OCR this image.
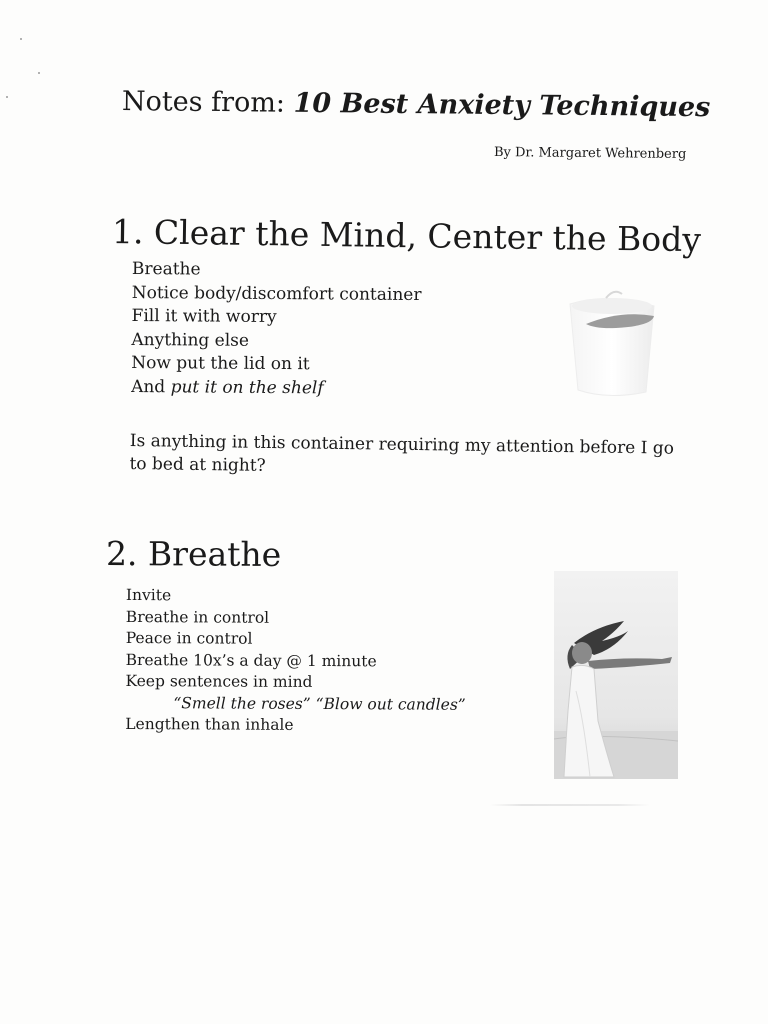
Notes from: 10 Best Anxiety Techniques
By Dr. Margaret Wehrenberg
1. Clear the Mind, Center the Body
Breathe
Notice body/discomfort container
Fill it with worry
Anything else
Now put the lid on it
And put it on the shelf
Is anything in this container requiring my attention before I go to bed at night?
2. Breathe
Invite
Breathe in control
Peace in control
Breathe 10x’s a day @ 1 minute
Keep sentences in mind
“Smell the roses” “Blow out candles”
Lengthen than inhale
